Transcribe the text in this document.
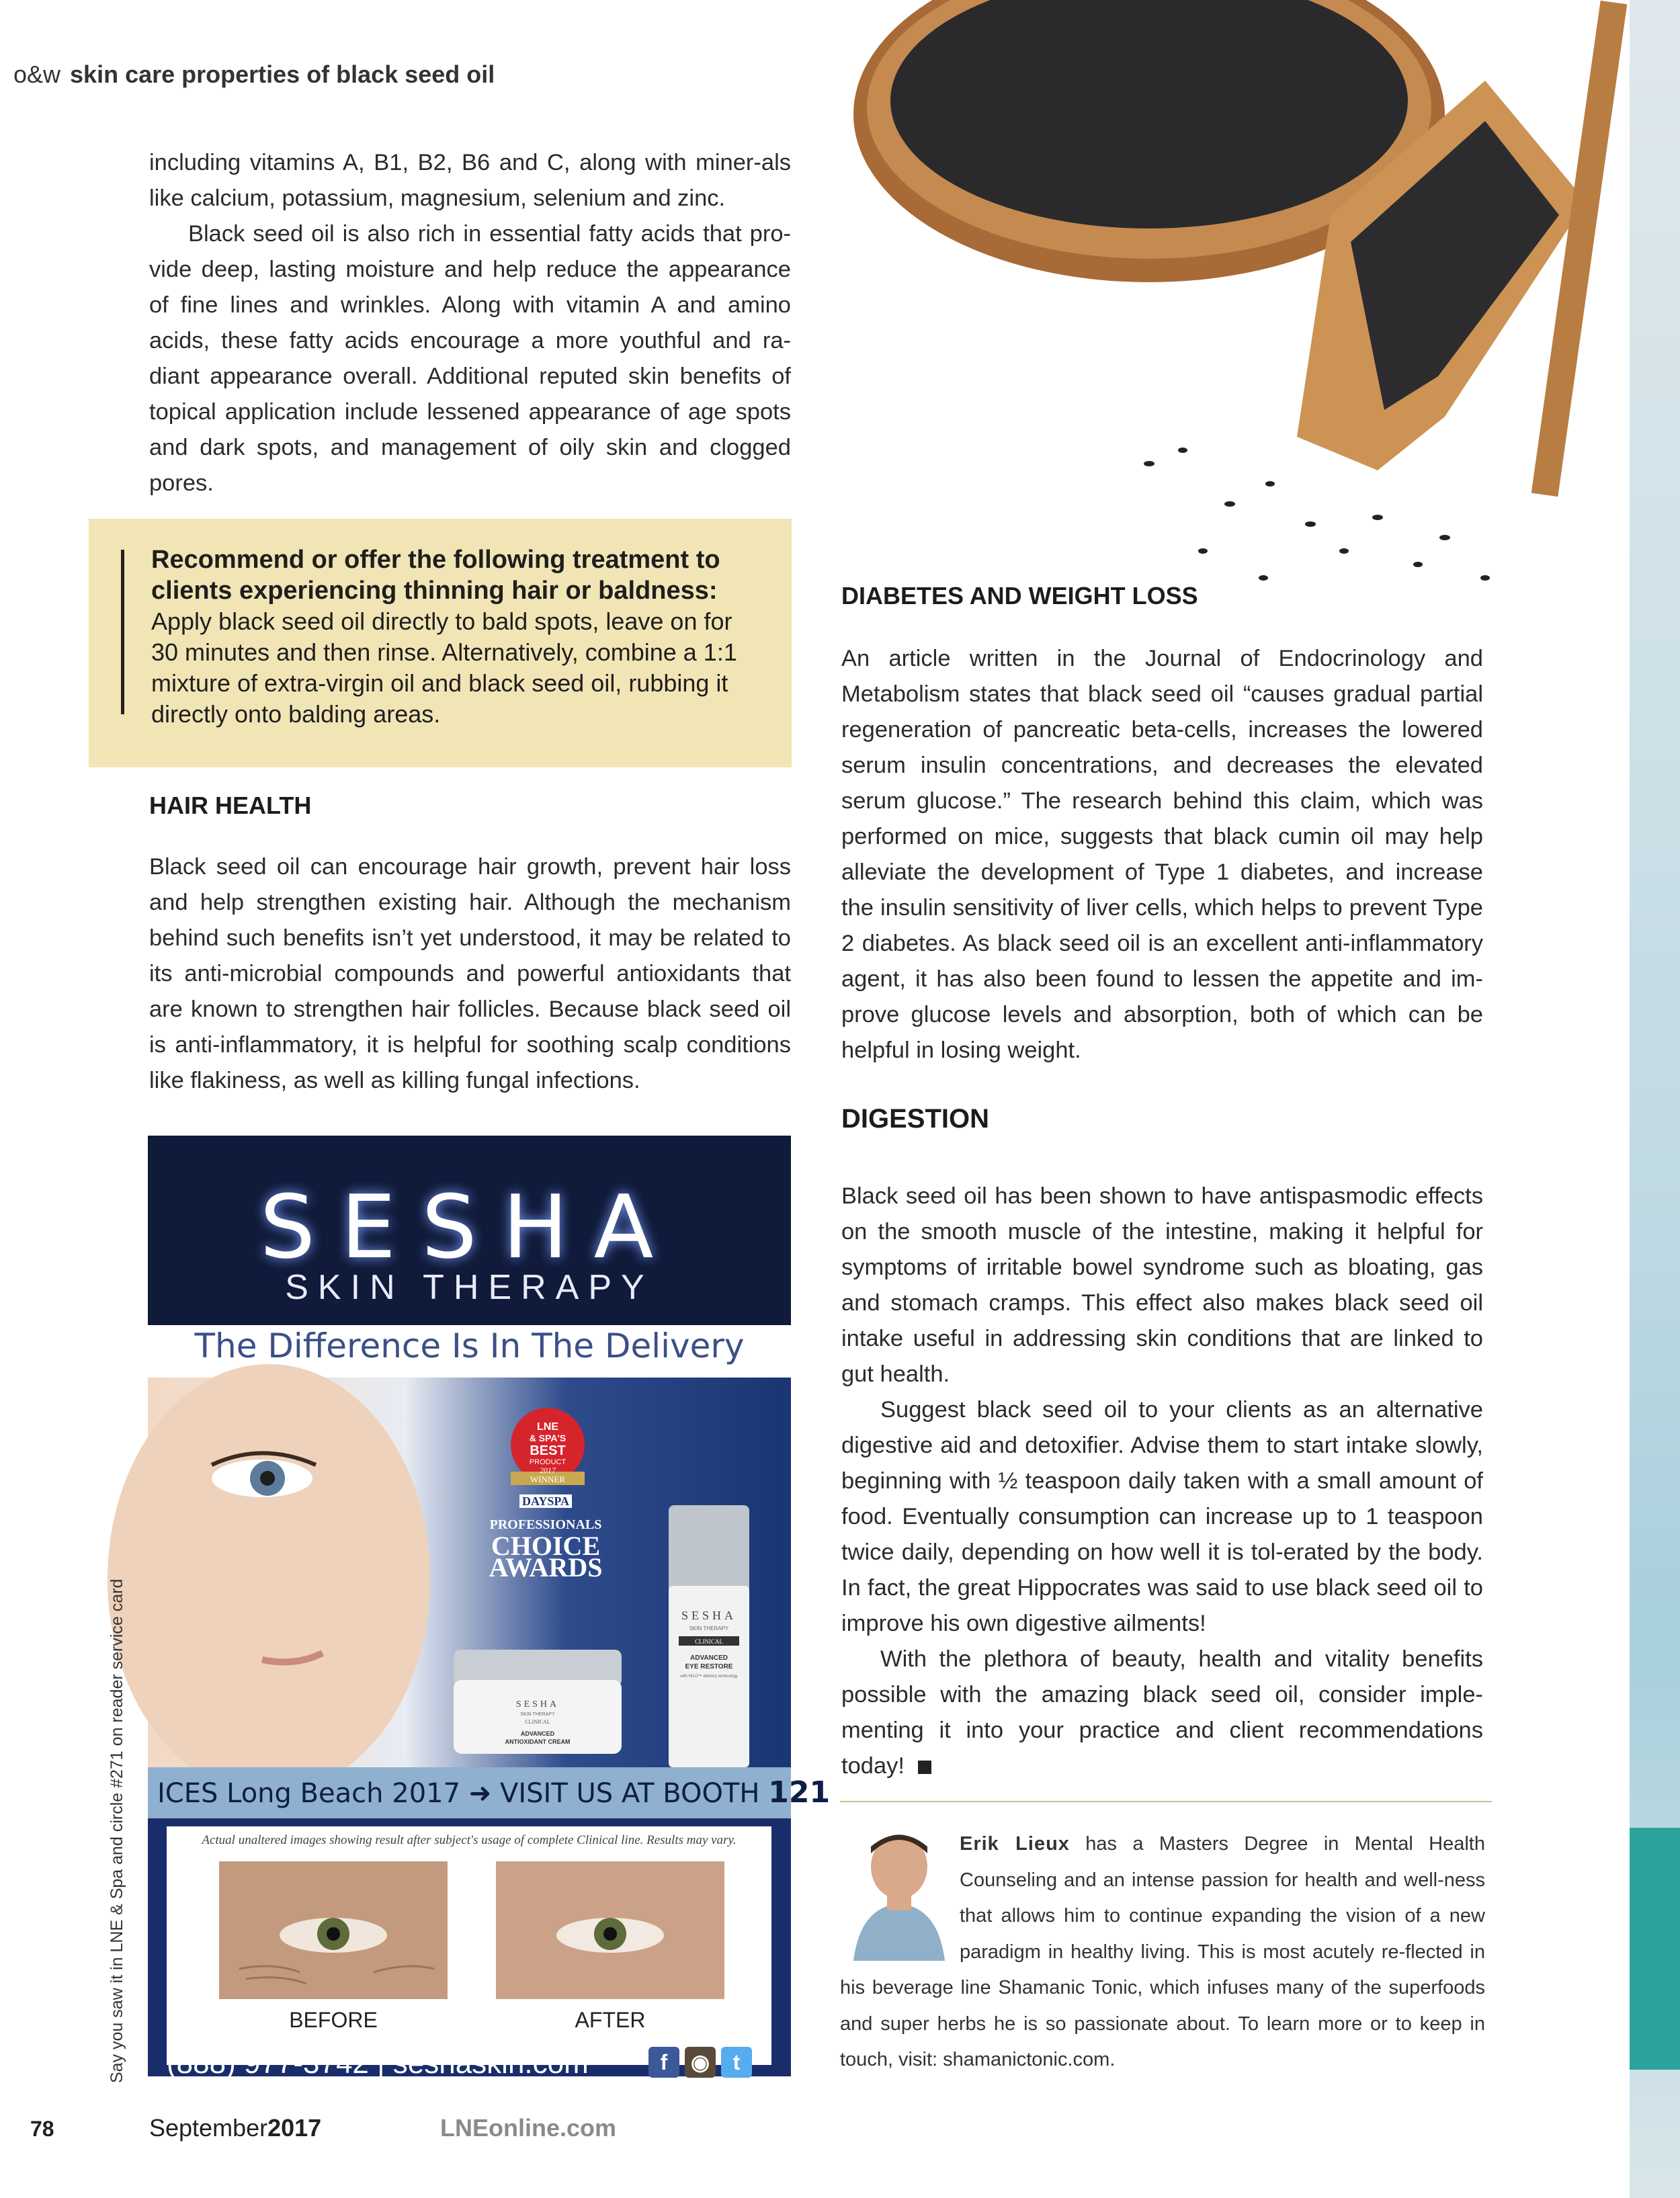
o&w skin care properties of black seed oil

including vitamins A, B1, B2, B6 and C, along with miner-als like calcium, potassium, magnesium, selenium and zinc.

Black seed oil is also rich in essential fatty acids that pro-vide deep, lasting moisture and help reduce the appearance of fine lines and wrinkles. Along with vitamin A and amino acids, these fatty acids encourage a more youthful and ra-diant appearance overall. Additional reputed skin benefits of topical application include lessened appearance of age spots and dark spots, and management of oily skin and clogged pores.

Recommend or offer the following treatment to clients experiencing thinning hair or baldness: Apply black seed oil directly to bald spots, leave on for 30 minutes and then rinse. Alternatively, combine a 1:1 mixture of extra-virgin oil and black seed oil, rubbing it directly onto balding areas.
HAIR HEALTH
Black seed oil can encourage hair growth, prevent hair loss and help strengthen existing hair. Although the mechanism behind such benefits isn’t yet understood, it may be related to its anti-microbial compounds and powerful antioxidants that are known to strengthen hair follicles. Because black seed oil is anti-inflammatory, it is helpful for soothing scalp conditions like flakiness, as well as killing fungal infections.
DIABETES AND WEIGHT LOSS
An article written in the Journal of Endocrinology and Metabolism states that black seed oil “causes gradual partial regeneration of pancreatic beta-cells, increases the lowered serum insulin concentrations, and decreases the elevated serum glucose.” The research behind this claim, which was performed on mice, suggests that black cumin oil may help alleviate the development of Type 1 diabetes, and increase the insulin sensitivity of liver cells, which helps to prevent Type 2 diabetes. As black seed oil is an excellent anti-inflammatory agent, it has also been found to lessen the appetite and im-prove glucose levels and absorption, both of which can be helpful in losing weight.
DIGESTION

Black seed oil has been shown to have antispasmodic effects on the smooth muscle of the intestine, making it helpful for symptoms of irritable bowel syndrome such as bloating, gas and stomach cramps. This effect also makes black seed oil intake useful in addressing skin conditions that are linked to gut health.

Suggest black seed oil to your clients as an alternative digestive aid and detoxifier. Advise them to start intake slowly, beginning with ½ teaspoon daily taken with a small amount of food. Eventually consumption can increase up to 1 teaspoon twice daily, depending on how well it is tol-erated by the body. In fact, the great Hippocrates was said to use black seed oil to improve his own digestive ailments!

With the plethora of beauty, health and vitality benefits possible with the amazing black seed oil, consider imple-menting it into your practice and client recommendations today!

Erik Lieux has a Masters Degree in Mental Health Counseling and an intense passion for health and well-ness that allows him to continue expanding the vision of a new paradigm in healthy living. This is most acutely re-flected in his beverage line Shamanic Tonic, which infuses many of the superfoods and super herbs he is so passionate about. To learn more or to keep in touch, visit: shamanictonic.com.
SESHA
SKIN THERAPY
The Difference Is In The Delivery
LNE
& SPA'S
BEST
PRODUCT
2017
WINNER
DAYSPA PROFESSIONALS
CHOICE
AWARDS
SESHA
SKIN THERAPY
CLINICAL
ADVANCED
ANTIOXIDANT CREAM
SESHA
SKIN THERAPY
CLINICAL
ADVANCED
EYE RESTORE
with HILO™ delivery technology
ICES Long Beach 2017 ➜ VISIT US AT BOOTH 121
Actual unaltered images showing result after subject's usage of complete Clinical line. Results may vary.
BEFORE	AFTER
(888) 977-3742 | seshaskin.com	f ◉ t
Say you saw it in LNE & Spa and circle #271 on reader service card
78	September2017	LNEonline.com
